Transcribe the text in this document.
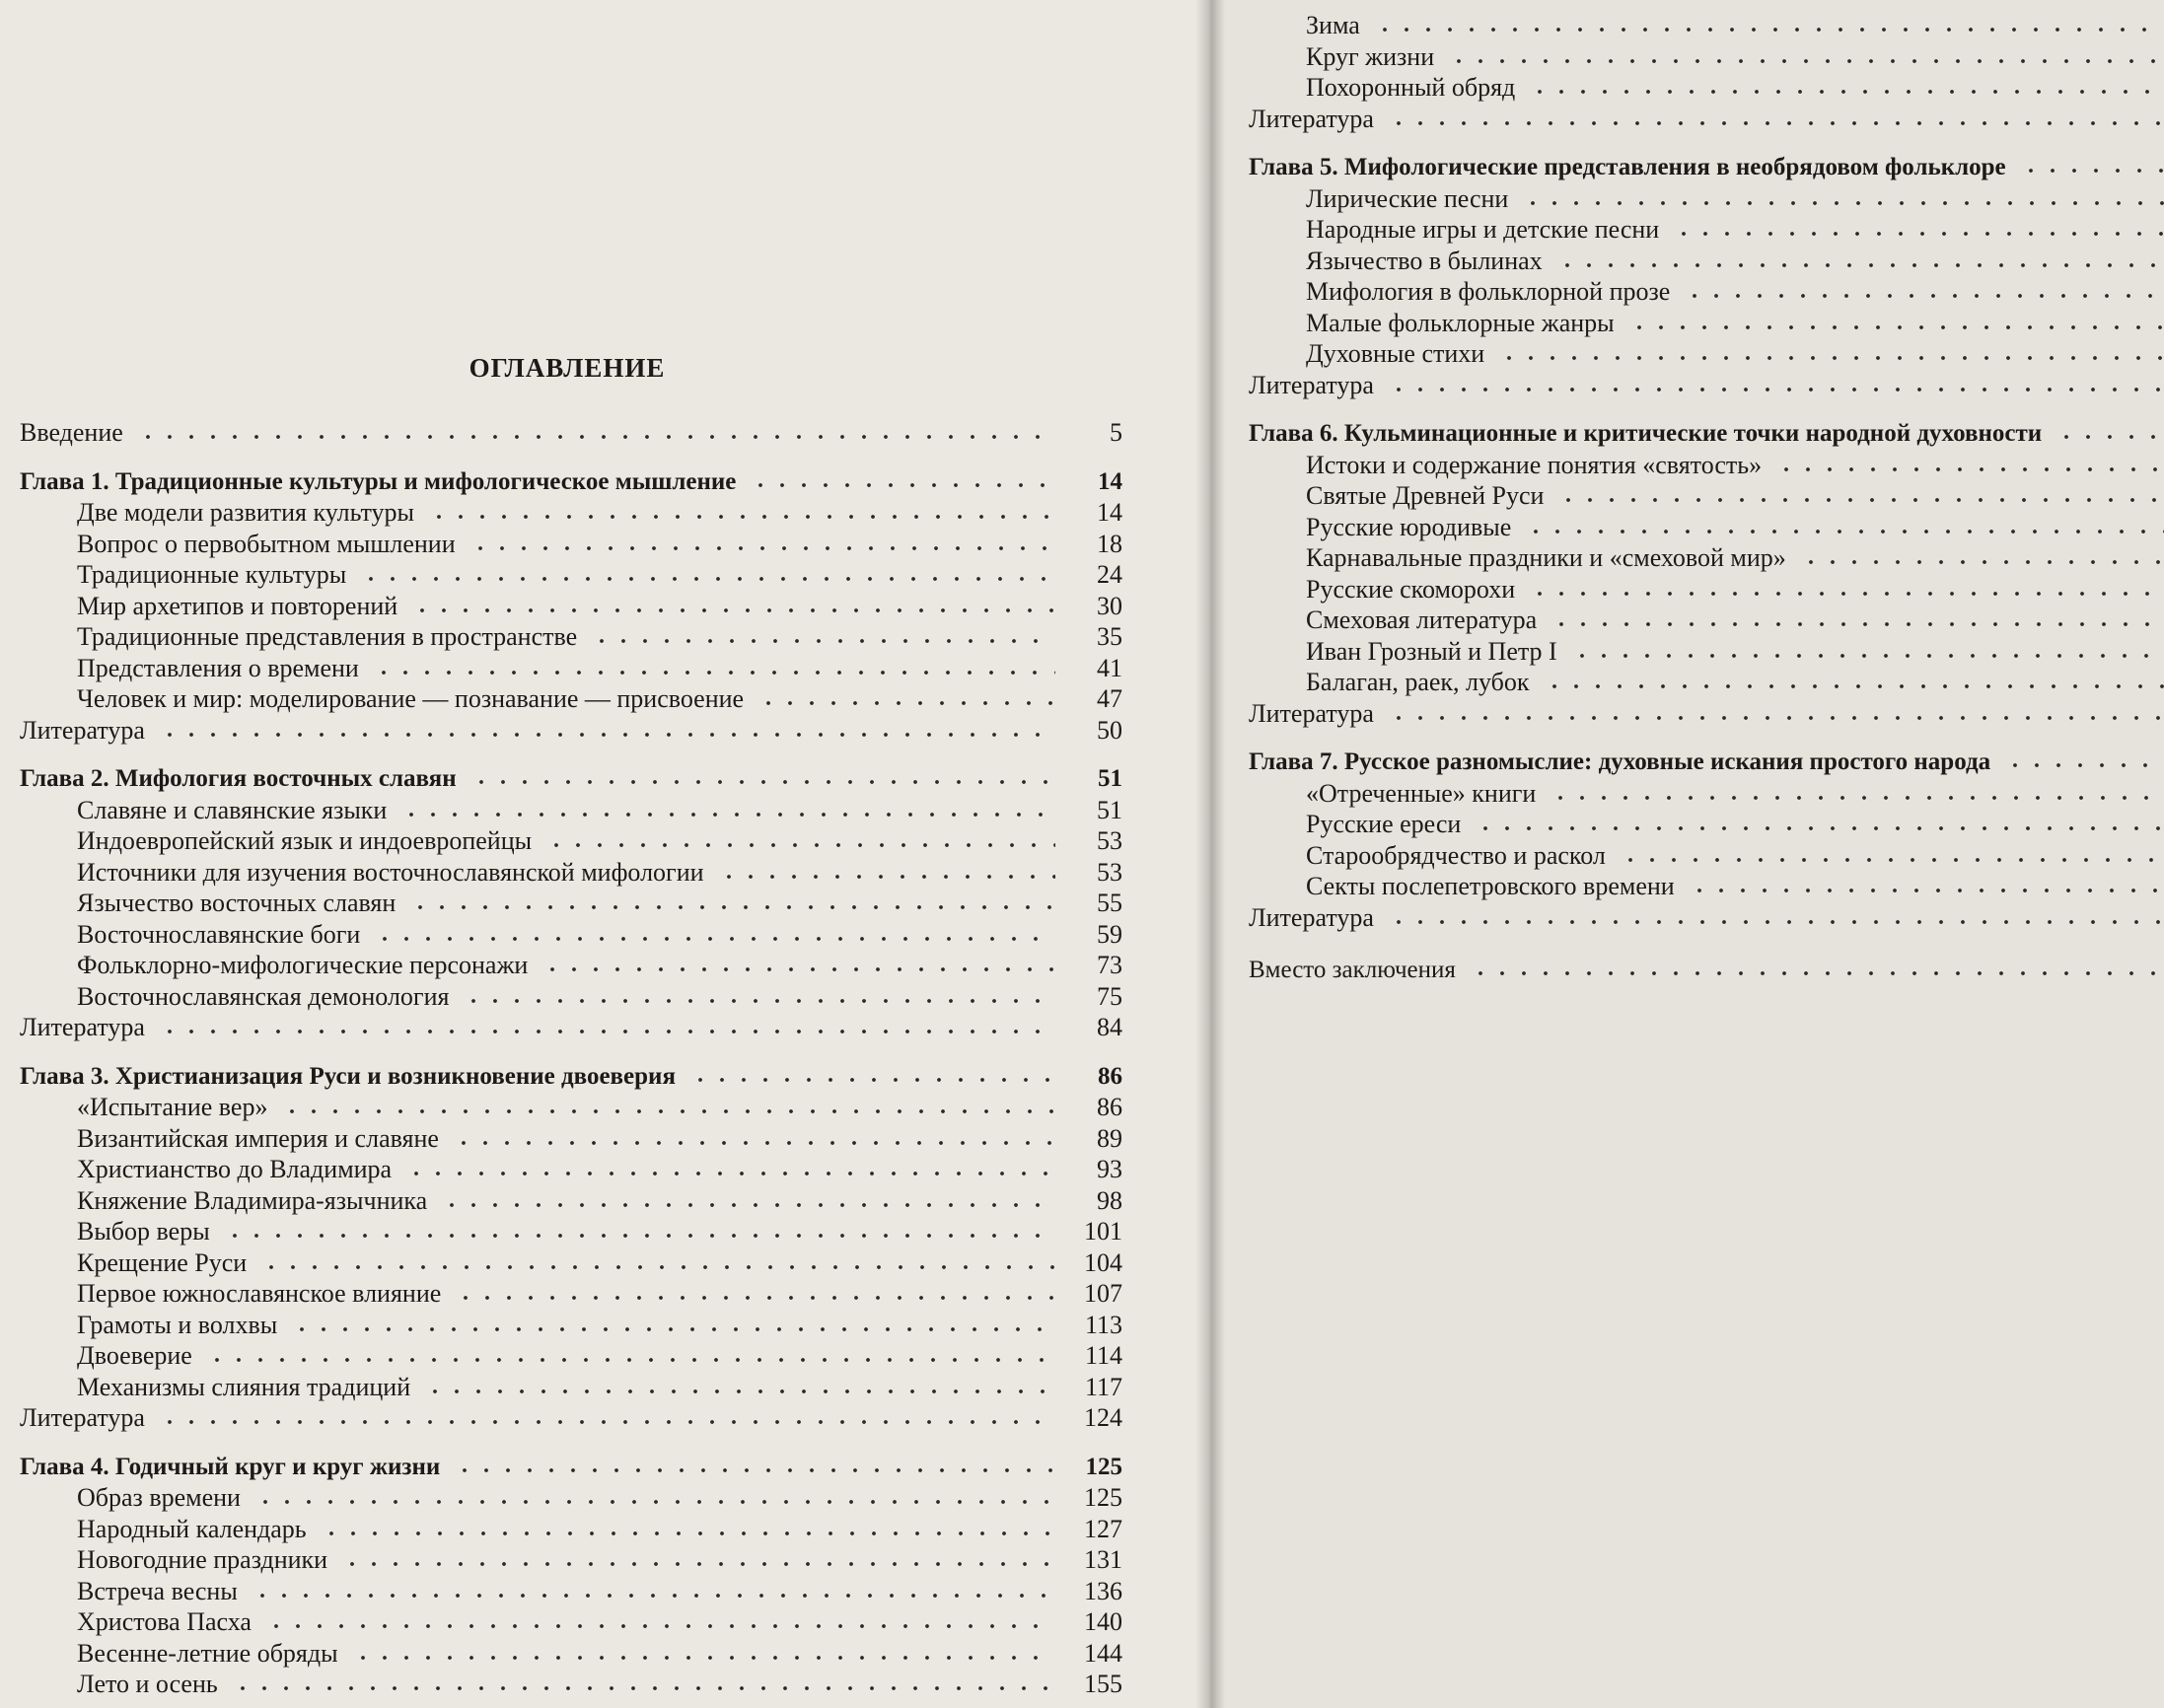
ОГЛАВЛЕНИЕ
Введение	5
Глава 1. Традиционные культуры и мифологическое мышление	14
Две модели развития культуры	14
Вопрос о первобытном мышлении	18
Традиционные культуры	24
Мир архетипов и повторений	30
Традиционные представления в пространстве	35
Представления о времени	41
Человек и мир: моделирование — познавание — присвоение	47
Литература	50
Глава 2. Мифология восточных славян	51
Славяне и славянские языки	51
Индоевропейский язык и индоевропейцы	53
Источники для изучения восточнославянской мифологии	53
Язычество восточных славян	55
Восточнославянские боги	59
Фольклорно-мифологические персонажи	73
Восточнославянская демонология	75
Литература	84
Глава 3. Христианизация Руси и возникновение двоеверия	86
«Испытание вер»	86
Византийская империя и славяне	89
Христианство до Владимира	93
Княжение Владимира-язычника	98
Выбор веры	101
Крещение Руси	104
Первое южнославянское влияние	107
Грамоты и волхвы	113
Двоеверие	114
Механизмы слияния традиций	117
Литература	124
Глава 4. Годичный круг и круг жизни	125
Образ времени	125
Народный календарь	127
Новогодние праздники	131
Встреча весны	136
Христова Пасха	140
Весенне-летние обряды	144
Лето и осень	155
Зима
Круг жизни
Похоронный обряд
Литература
Глава 5. Мифологические представления в необрядовом фольклоре
Лирические песни
Народные игры и детские песни
Язычество в былинах
Мифология в фольклорной прозе
Малые фольклорные жанры
Духовные стихи
Литература
Глава 6. Кульминационные и критические точки народной духовности
Истоки и содержание понятия «святость»
Святые Древней Руси
Русские юродивые
Карнавальные праздники и «смеховой мир»
Русские скоморохи
Смеховая литература
Иван Грозный и Петр I
Балаган, раек, лубок
Литература
Глава 7. Русское разномыслие: духовные искания простого народа
«Отреченные» книги
Русские ереси
Старообрядчество и раскол
Секты послепетровского времени
Литература
Вместо заключения
